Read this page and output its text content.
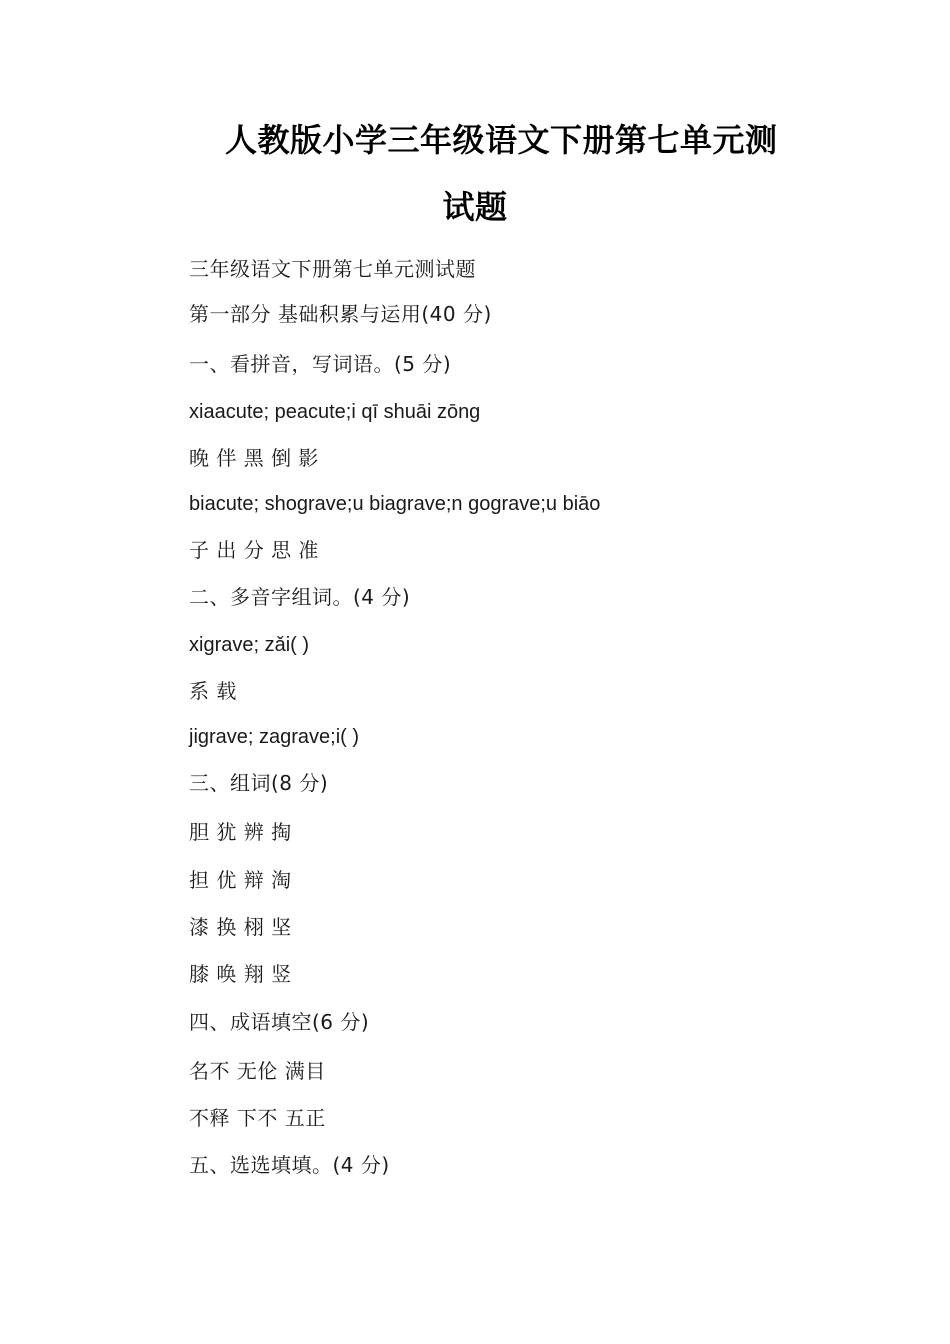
人教版小学三年级语文下册第七单元测
试题
三年级语文下册第七单元测试题
第一部分 基础积累与运用(40 分)
一、看拼音，写词语。(5 分)
xiaacute; peacute;i qī shuāi zōng
晚 伴 黑 倒 影
biacute; shograve;u biagrave;n gograve;u biāo
子 出 分 思 准
二、多音字组词。(4 分)
xigrave; zǎi( )
系 载
jigrave; zagrave;i( )
三、组词(8 分)
胆 犹 辨 掏
担 优 辩 淘
漆 换 栩 坚
膝 唤 翔 竖
四、成语填空(6 分)
名不 无伦 满目
不释 下不 五正
五、选选填填。(4 分)
